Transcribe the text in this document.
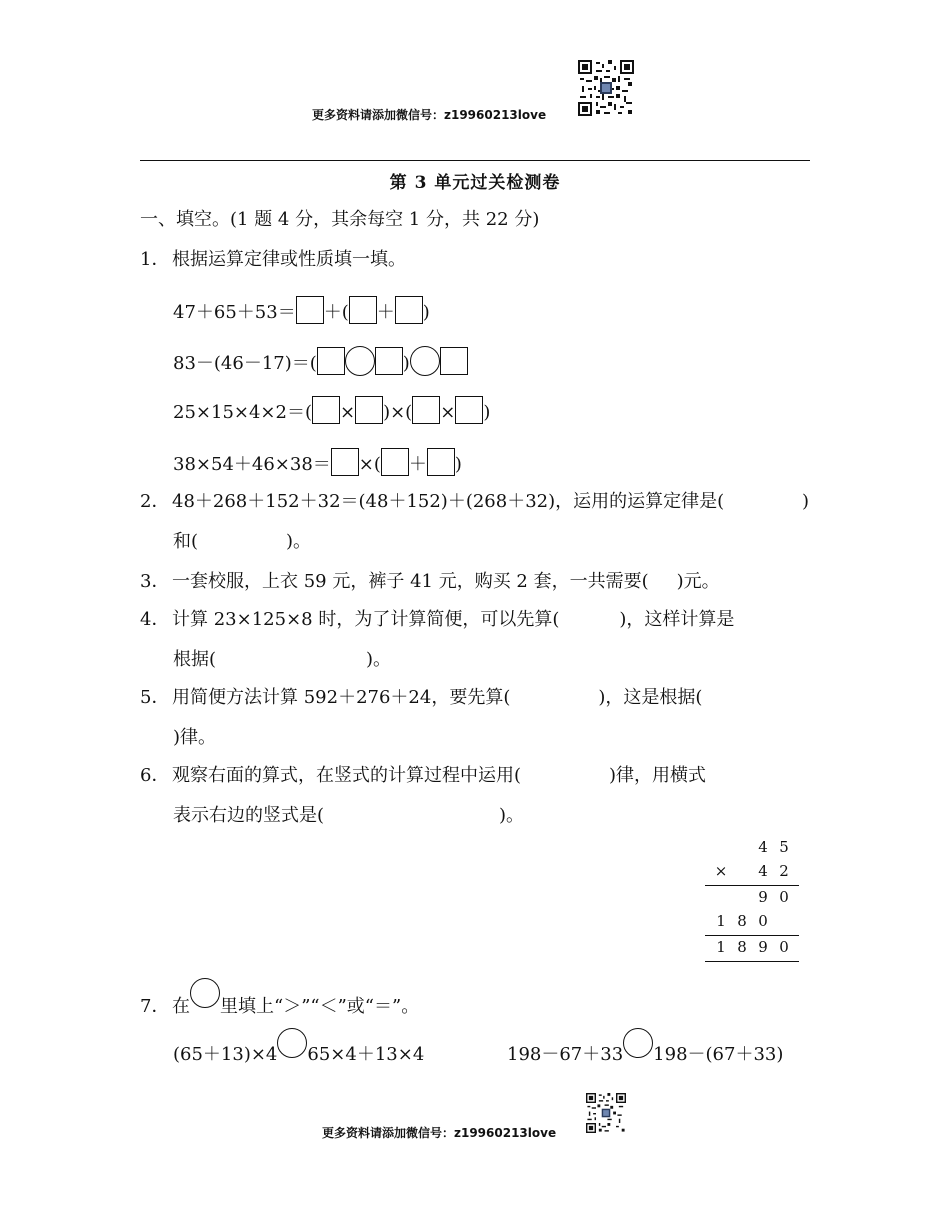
更多资料请添加微信号：z19960213love
第 3 单元过关检测卷
一、填空。(1 题 4 分，其余每空 1 分，共 22 分)
1． 根据运算定律或性质填一填。
47＋65＋53＝ ＋( ＋ )
83－(46－17)＝(	)
25×15×4×2＝( × )×( × )
38×54＋46×38＝ ×( ＋ )
2． 48＋268＋152＋32＝(48＋152)＋(268＋32)，运用的运算定律是(	)
和(	)。
3． 一套校服，上衣 59 元，裤子 41 元，购买 2 套，一共需要( )元。
4． 计算 23×125×8 时，为了计算简便，可以先算(	)，这样计算是
根据(	)。
5． 用简便方法计算 592＋276＋24，要先算(	)，这是根据(
)律。
6． 观察右面的算式，在竖式的计算过程中运用(	)律，用横式
表示右边的竖式是(	)。
4 5
× 4 2
9 0
1 8 0
1 8 9 0
7． 在 里填上“＞”“＜”或“＝”。
(65＋13)×4 65×4＋13×4	198－67＋33 198－(67＋33)
更多资料请添加微信号：z19960213love
